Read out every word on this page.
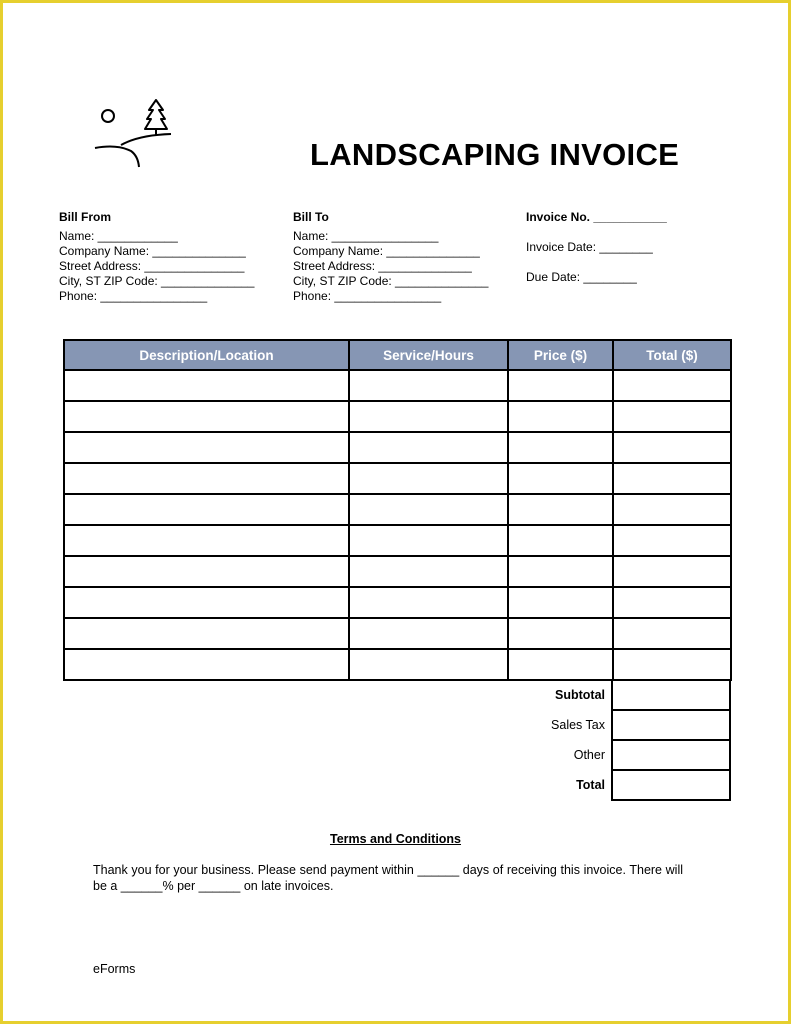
LANDSCAPING INVOICE
Bill From
Name: ____________
Company Name: ______________
Street Address: _______________
City, ST ZIP Code: ______________
Phone: ________________
Bill To
Name: ________________
Company Name: ______________
Street Address: ______________
City, ST ZIP Code: ______________
Phone: ________________
Invoice No. ___________
Invoice Date: ________
Due Date: ________
Description/Location	Service/Hours	Price ($)	Total ($)

Subtotal	
Sales Tax	
Other	
Total	
Terms and Conditions
Thank you for your business. Please send payment within ______ days of receiving this invoice. There will be a ______% per ______ on late invoices.
eForms
